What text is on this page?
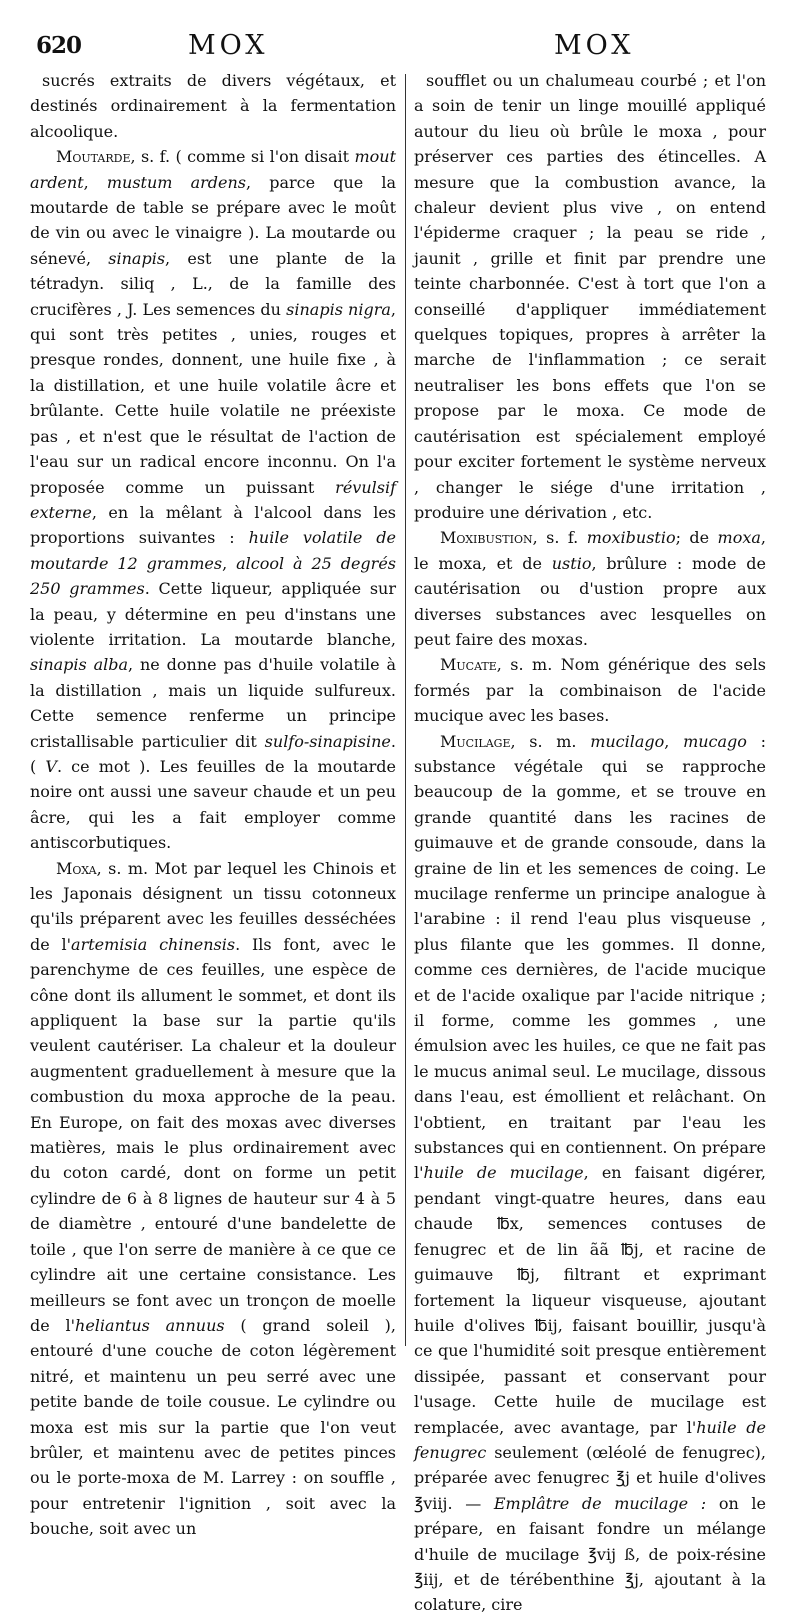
620	MOX	MOX

sucrés extraits de divers végétaux, et destinés ordinairement à la fermentation alcoolique.

Moutarde, s. f. ( comme si l'on disait mout ardent, mustum ardens, parce que la moutarde de table se prépare avec le moût de vin ou avec le vinaigre ). La moutarde ou sénevé, sinapis, est une plante de la tétradyn. siliq , L., de la famille des crucifères , J. Les semences du sinapis nigra, qui sont très petites , unies, rouges et presque rondes, donnent, une huile fixe , à la distillation, et une huile volatile âcre et brûlante. Cette huile volatile ne préexiste pas , et n'est que le résultat de l'action de l'eau sur un radical encore inconnu. On l'a proposée comme un puissant révulsif externe, en la mêlant à l'alcool dans les proportions suivantes : huile volatile de moutarde 12 grammes, alcool à 25 degrés 250 grammes. Cette liqueur, appliquée sur la peau, y détermine en peu d'instans une violente irritation. La moutarde blanche, sinapis alba, ne donne pas d'huile volatile à la distillation , mais un liquide sulfureux. Cette semence renferme un principe cristallisable particulier dit sulfo-sinapisine. ( V. ce mot ). Les feuilles de la moutarde noire ont aussi une saveur chaude et un peu âcre, qui les a fait employer comme antiscorbutiques.

Moxa, s. m. Mot par lequel les Chinois et les Japonais désignent un tissu cotonneux qu'ils préparent avec les feuilles desséchées de l'artemisia chinensis. Ils font, avec le parenchyme de ces feuilles, une espèce de cône dont ils allument le sommet, et dont ils appliquent la base sur la partie qu'ils veulent cautériser. La chaleur et la douleur augmentent graduellement à mesure que la combustion du moxa approche de la peau. En Europe, on fait des moxas avec diverses matières, mais le plus ordinairement avec du coton cardé, dont on forme un petit cylindre de 6 à 8 lignes de hauteur sur 4 à 5 de diamètre , entouré d'une bandelette de toile , que l'on serre de manière à ce que ce cylindre ait une certaine consistance. Les meilleurs se font avec un tronçon de moelle de l'heliantus annuus ( grand soleil ), entouré d'une couche de coton légèrement nitré, et maintenu un peu serré avec une petite bande de toile cousue. Le cylindre ou moxa est mis sur la partie que l'on veut brûler, et maintenu avec de petites pinces ou le porte-moxa de M. Larrey : on souffle , pour entretenir l'ignition , soit avec la bouche, soit avec un

soufflet ou un chalumeau courbé ; et l'on a soin de tenir un linge mouillé appliqué autour du lieu où brûle le moxa , pour préserver ces parties des étincelles. A mesure que la combustion avance, la chaleur devient plus vive , on entend l'épiderme craquer ; la peau se ride , jaunit , grille et finit par prendre une teinte charbonnée. C'est à tort que l'on a conseillé d'appliquer immédiatement quelques topiques, propres à arrêter la marche de l'inflammation ; ce serait neutraliser les bons effets que l'on se propose par le moxa. Ce mode de cautérisation est spécialement employé pour exciter fortement le système nerveux , changer le siége d'une irritation , produire une dérivation , etc.

Moxibustion, s. f. moxibustio; de moxa, le moxa, et de ustio, brûlure : mode de cautérisation ou d'ustion propre aux diverses substances avec lesquelles on peut faire des moxas.

Mucate, s. m. Nom générique des sels formés par la combinaison de l'acide mucique avec les bases.

Mucilage, s. m. mucilago, mucago : substance végétale qui se rapproche beaucoup de la gomme, et se trouve en grande quantité dans les racines de guimauve et de grande consoude, dans la graine de lin et les semences de coing. Le mucilage renferme un principe analogue à l'arabine : il rend l'eau plus visqueuse , plus filante que les gommes. Il donne, comme ces dernières, de l'acide mucique et de l'acide oxalique par l'acide nitrique ; il forme, comme les gommes , une émulsion avec les huiles, ce que ne fait pas le mucus animal seul. Le mucilage, dissous dans l'eau, est émollient et relâchant. On l'obtient, en traitant par l'eau les substances qui en contiennent. On prépare l'huile de mucilage, en faisant digérer, pendant vingt-quatre heures, dans eau chaude ℔x, semences contuses de fenugrec et de lin ãã ℔j, et racine de guimauve ℔j, filtrant et exprimant fortement la liqueur visqueuse, ajoutant huile d'olives ℔ij, faisant bouillir, jusqu'à ce que l'humidité soit presque entièrement dissipée, passant et conservant pour l'usage. Cette huile de mucilage est remplacée, avec avantage, par l'huile de fenugrec seulement (œléolé de fenugrec), préparée avec fenugrec ℥j et huile d'olives ℥viij. — Emplâtre de mucilage : on le prépare, en faisant fondre un mélange d'huile de mucilage ℥vij ß, de poix-résine ℥iij, et de térébenthine ℥j, ajoutant à la colature, cire
